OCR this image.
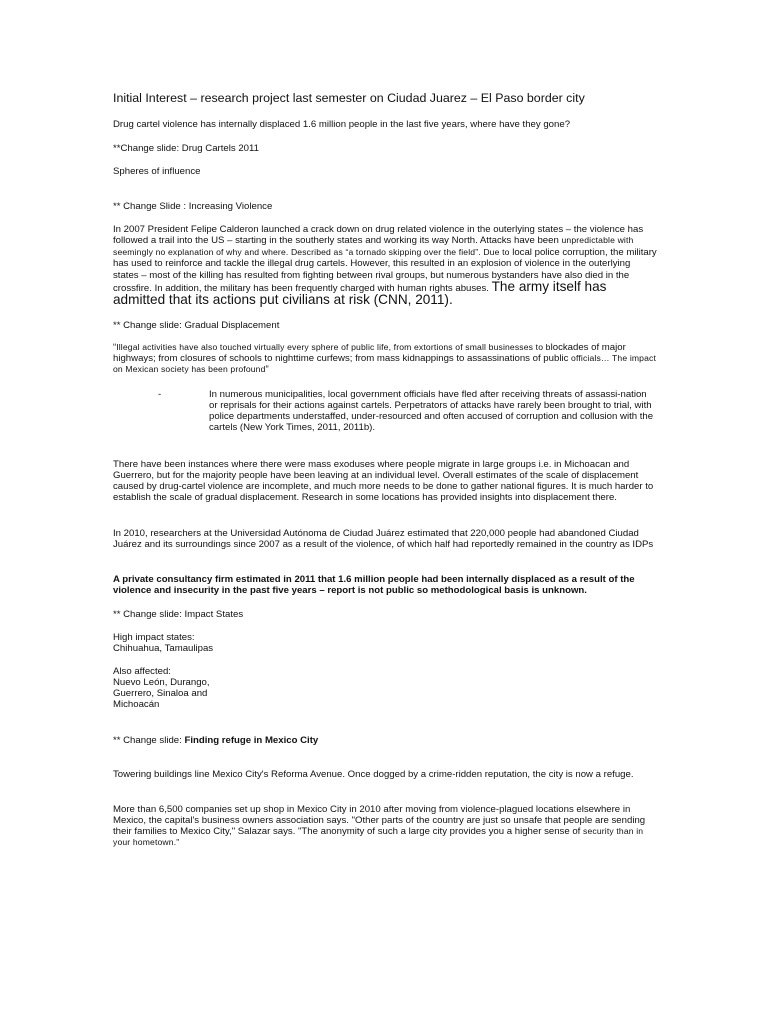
Initial Interest – research project last semester on Ciudad Juarez – El Paso border city

Drug cartel violence has internally displaced 1.6 million people in the last five years, where have they gone?

**Change slide: Drug Cartels 2011

Spheres of influence

** Change Slide : Increasing Violence

In 2007 President Felipe Calderon launched a crack down on drug related violence in the outerlying states – the violence has followed a trail into the US – starting in the southerly states and working its way North. Attacks have been unpredictable with seemingly no explanation of why and where. Described as “a tornado skipping over the field”. Due to local police corruption, the military has used to reinforce and tackle the illegal drug cartels. However, this resulted in an explosion of violence in the outerlying states – most of the killing has resulted from fighting between rival groups, but numerous bystanders have also died in the crossfire. In addition, the military has been frequently charged with human rights abuses. The army itself has admitted that its actions put civilians at risk (CNN, 2011).

** Change slide: Gradual Displacement

“Illegal activities have also touched virtually every sphere of public life, from extortions of small businesses to blockades of major highways; from closures of schools to nighttime curfews; from mass kidnappings to assassinations of public officials… The impact on Mexican society has been profound”

-	In numerous municipalities, local government officials have fled after receiving threats of assassi-nation or reprisals for their actions against cartels. Perpetrators of attacks have rarely been brought to trial, with police departments understaffed, under-resourced and often accused of corruption and collusion with the cartels (New York Times, 2011, 2011b).

There have been instances where there were mass exoduses where people migrate in large groups i.e. in Michoacan and Guerrero, but for the majority people have been leaving at an individual level. Overall estimates of the scale of displacement caused by drug-cartel violence are incomplete, and much more needs to be done to gather national figures. It is much harder to establish the scale of gradual displacement. Research in some locations has provided insights into displacement there.

In 2010, researchers at the Universidad Autónoma de Ciudad Juárez estimated that 220,000 people had abandoned Ciudad Juárez and its surroundings since 2007 as a result of the violence, of which half had reportedly remained in the country as IDPs

A private consultancy firm estimated in 2011 that 1.6 million people had been internally displaced as a result of the violence and insecurity in the past five years – report is not public so methodological basis is unknown.

** Change slide: Impact States

High impact states:

Chihuahua, Tamaulipas

Also affected:

Nuevo León, Durango,

Guerrero, Sinaloa and

Michoacán

** Change slide: Finding refuge in Mexico City

Towering buildings line Mexico City's Reforma Avenue. Once dogged by a crime-ridden reputation, the city is now a refuge.

More than 6,500 companies set up shop in Mexico City in 2010 after moving from violence-plagued locations elsewhere in Mexico, the capital's business owners association says. "Other parts of the country are just so unsafe that people are sending their families to Mexico City," Salazar says. "The anonymity of such a large city provides you a higher sense of security than in your hometown."
